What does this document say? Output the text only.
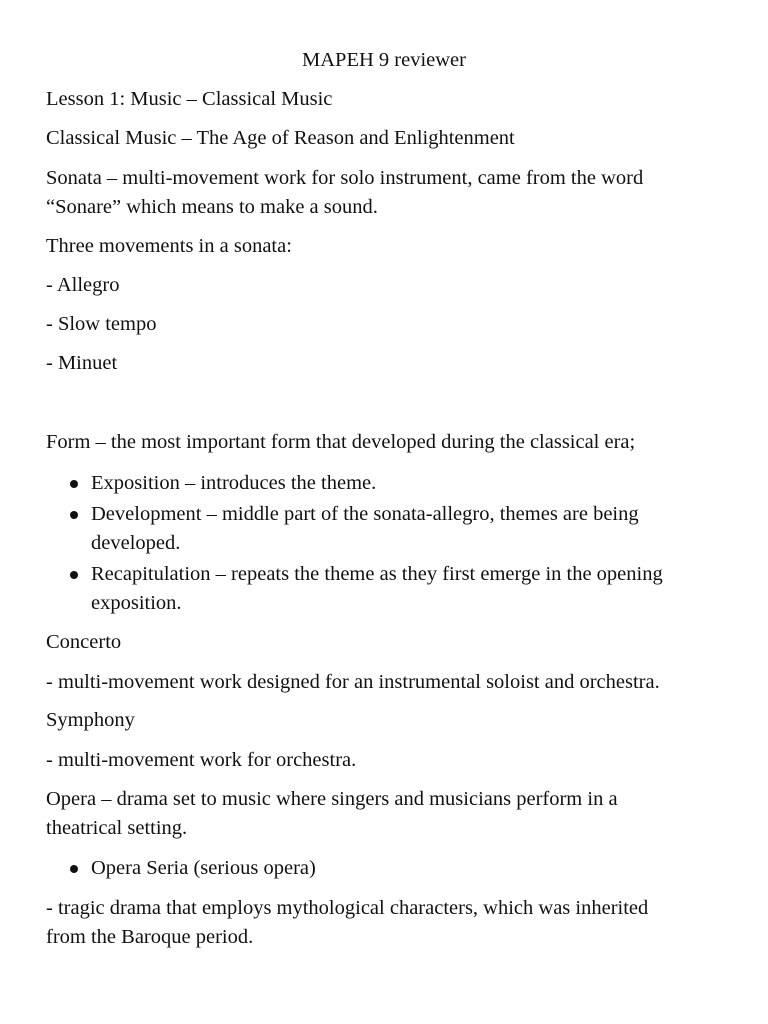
MAPEH 9 reviewer
Lesson 1: Music – Classical Music
Classical Music – The Age of Reason and Enlightenment
Sonata – multi-movement work for solo instrument, came from the word
“Sonare” which means to make a sound.
Three movements in a sonata:
- Allegro
- Slow tempo
- Minuet
Form – the most important form that developed during the classical era;
Exposition – introduces the theme.
Development – middle part of the sonata-allegro, themes are being
developed.
Recapitulation – repeats the theme as they first emerge in the opening
exposition.
Concerto
- multi-movement work designed for an instrumental soloist and orchestra.
Symphony
- multi-movement work for orchestra.
Opera – drama set to music where singers and musicians perform in a
theatrical setting.
Opera Seria (serious opera)
- tragic drama that employs mythological characters, which was inherited
from the Baroque period.
